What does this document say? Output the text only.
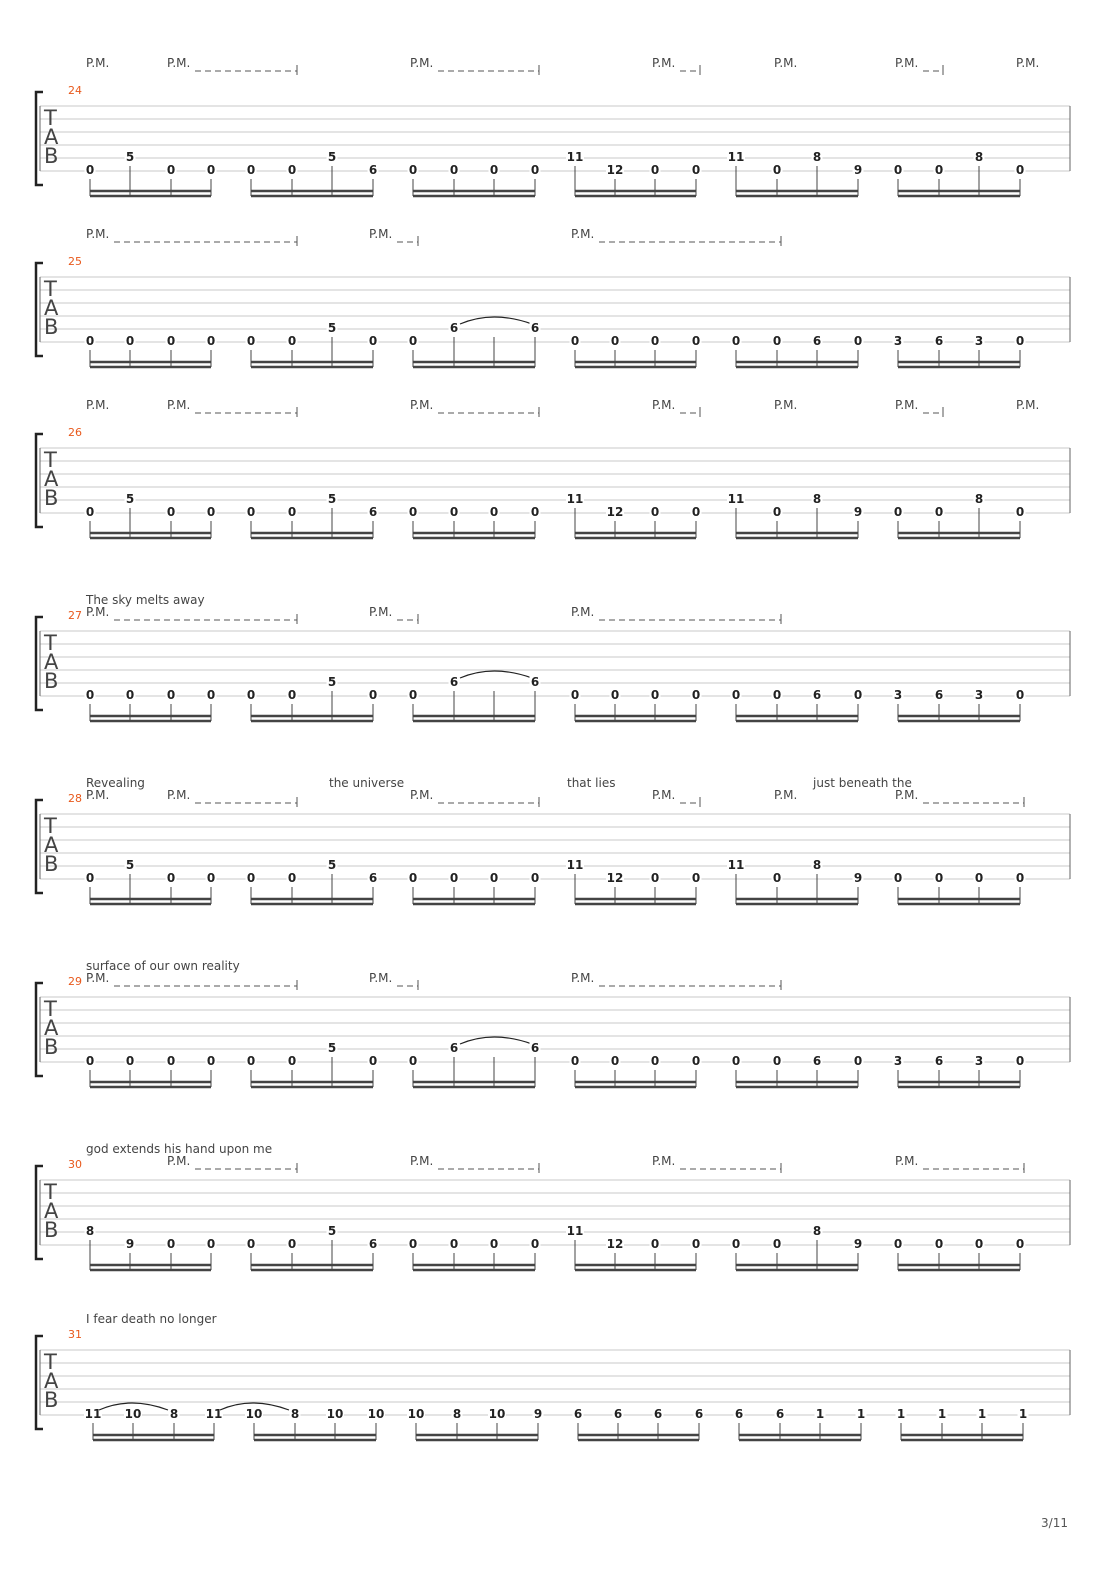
P.M.	P.M.	P.M.	P.M.	P.M.	P.M.	P.M.
24
T
A
B
0
5
0	0	0	0
5
6	0	0	0	0
11
12 0	0
11
0
8
9	0	0
8
0
P.M.	P.M.	P.M.
25
T
A
B
0	0	0	0	0	0
5
0	0
6	6
0	0	0	0	0	0	6	0	3	6	3	0
P.M.	P.M.	P.M.	P.M.	P.M.	P.M.	P.M.
26
T
A
B
0
5
0	0	0	0
5
6	0	0	0	0
11
12 0	0
11
0
8
9	0	0
8
0
The sky melts away
P.M.	P.M.	P.M.
27
T
A
B
0	0	0	0	0	0
5
0	0
6	6
0	0	0	0	0	0	6	0	3	6	3	0
Revealing	the universe	that lies	just beneath the
P.M.	P.M.	P.M.	P.M.	P.M.	P.M.
28
T
A
B
0
5
0	0	0	0
5
6	0	0	0	0
11
12 0	0
11
0
8
9	0	0	0	0
surface of our own reality
P.M.	P.M.	P.M.
29
T
A
B
0	0	0	0	0	0
5
0	0
6	6
0	0	0	0	0	0	6	0	3	6	3	0
god extends his hand upon me
P.M.	P.M.	P.M.	P.M.
30
T
A
B 8
9	0	0	0	0
5
6	0	0	0	0
11
12 0	0	0	0
8
9	0	0	0	0
I fear death no longer
31
T
A
B
11 10 8 11 10 8 10 10 10 8 10 9	6	6	6	6	6	6	1	1	1	1	1	1
3/11
